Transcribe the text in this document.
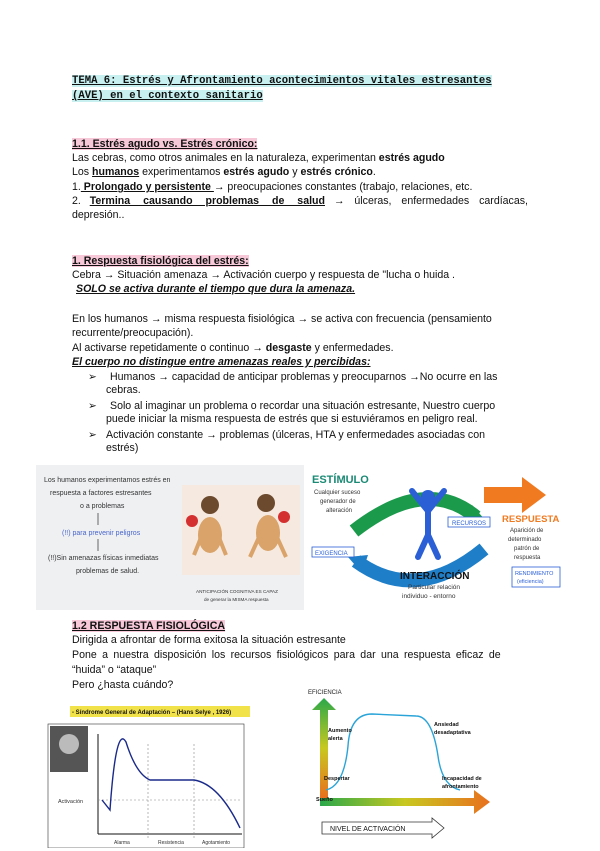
TEMA 6: Estrés y Afrontamiento acontecimientos vitales estresantes
(AVE) en el contexto sanitario
1.1. Estrés agudo vs. Estrés crónico:
Las cebras, como otros animales en la naturaleza, experimentan estrés agudo
Los humanos experimentamos estrés agudo y estrés crónico.
1. Prolongado y persistente → preocupaciones constantes (trabajo, relaciones, etc.
2. Termina causando problemas de salud → úlceras, enfermedades cardíacas,
depresión..
1. Respuesta fisiológica del estrés:
Cebra → Situación amenaza → Activación cuerpo y respuesta de "lucha o huida .
SOLO se activa durante el tiempo que dura la amenaza.
En los humanos → misma respuesta fisiológica → se activa con frecuencia (pensamiento
recurrente/preocupación).
Al activarse repetidamente o continuo → desgaste y enfermedades.
El cuerpo no distingue entre amenazas reales y percibidas:
➢	Humanos → capacidad de anticipar problemas y preocuparnos →No ocurre en las
cebras.
➢	Solo al imaginar un problema o recordar una situación estresante, Nuestro cuerpo
puede iniciar la misma respuesta de estrés que si estuviéramos en peligro real.
➢ Activación constante → problemas (úlceras, HTA y enfermedades asociadas con
estrés)
Los humanos experimentamos estrés en
respuesta a factores estresantes
o a problemas
(!!) para prevenir peligros
(!!)Sin amenazas físicas inmediatas
problemas de salud.
ANTICIPACIÓN COGNITIVA ES CAPAZ
de generar la MISMA respuesta
ESTÍMULO
Cualquier suceso
generador de
alteración
RECURSOS
EXIGENCIA
RESPUESTA
Aparición de
determinado
patrón de
respuesta
RENDIMIENTO
(eficiencia)
INTERACCIÓN
Particular relación
individuo - entorno
1.2 RESPUESTA FISIOLÓGICA
Dirigida a afrontar de forma exitosa la situación estresante
Pone a nuestra disposición los recursos fisiológicos para dar una respuesta eficaz de
“huida” o “ataque”
Pero ¿hasta cuándo?
- Síndrome General de Adaptación – (Hans Selye , 1926)
Activación
Alarma	Resistencia	Agotamiento
EFICIENCIA
Aumento
alerta
Ansiedad
desadaptativa
Despertar	Incapacidad de
afrontamiento
Sueño
NIVEL DE ACTIVACIÓN
